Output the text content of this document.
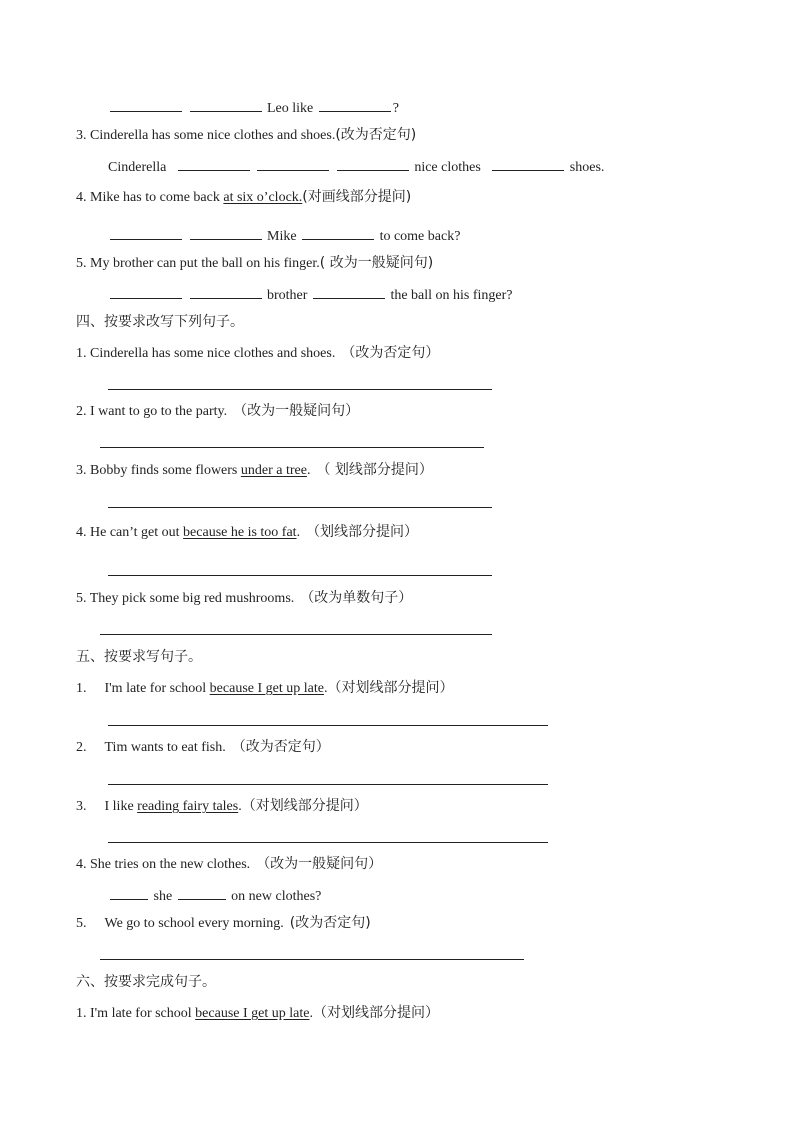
Leo like	?
3. Cinderella has some nice clothes and shoes.(改为否定句)
Cinderella	nice clothes	shoes.
4. Mike has to come back at six o’clock.(对画线部分提问)
Mike	to come back?
5. My brother can put the ball on his finger.( 改为一般疑问句)
brother	the ball on his finger?
四、按要求改写下列句子。
1. Cinderella has some nice clothes and shoes. （改为否定句）
2. I want to go to the party. （改为一般疑问句）
3. Bobby finds some flowers under a tree. （ 划线部分提问）
4. He can’t get out because he is too fat. （划线部分提问）
5. They pick some big red mushrooms. （改为单数句子）
五、按要求写句子。
1. I'm late for school because I get up late.（对划线部分提问）
2. Tim wants to eat fish. （改为否定句）
3. I like reading fairy tales.（对划线部分提问）
4. She tries on the new clothes. （改为一般疑问句）
she	on new clothes?
5. We go to school every morning. (改为否定句)
六、按要求完成句子。
1. I'm late for school because I get up late.（对划线部分提问）
